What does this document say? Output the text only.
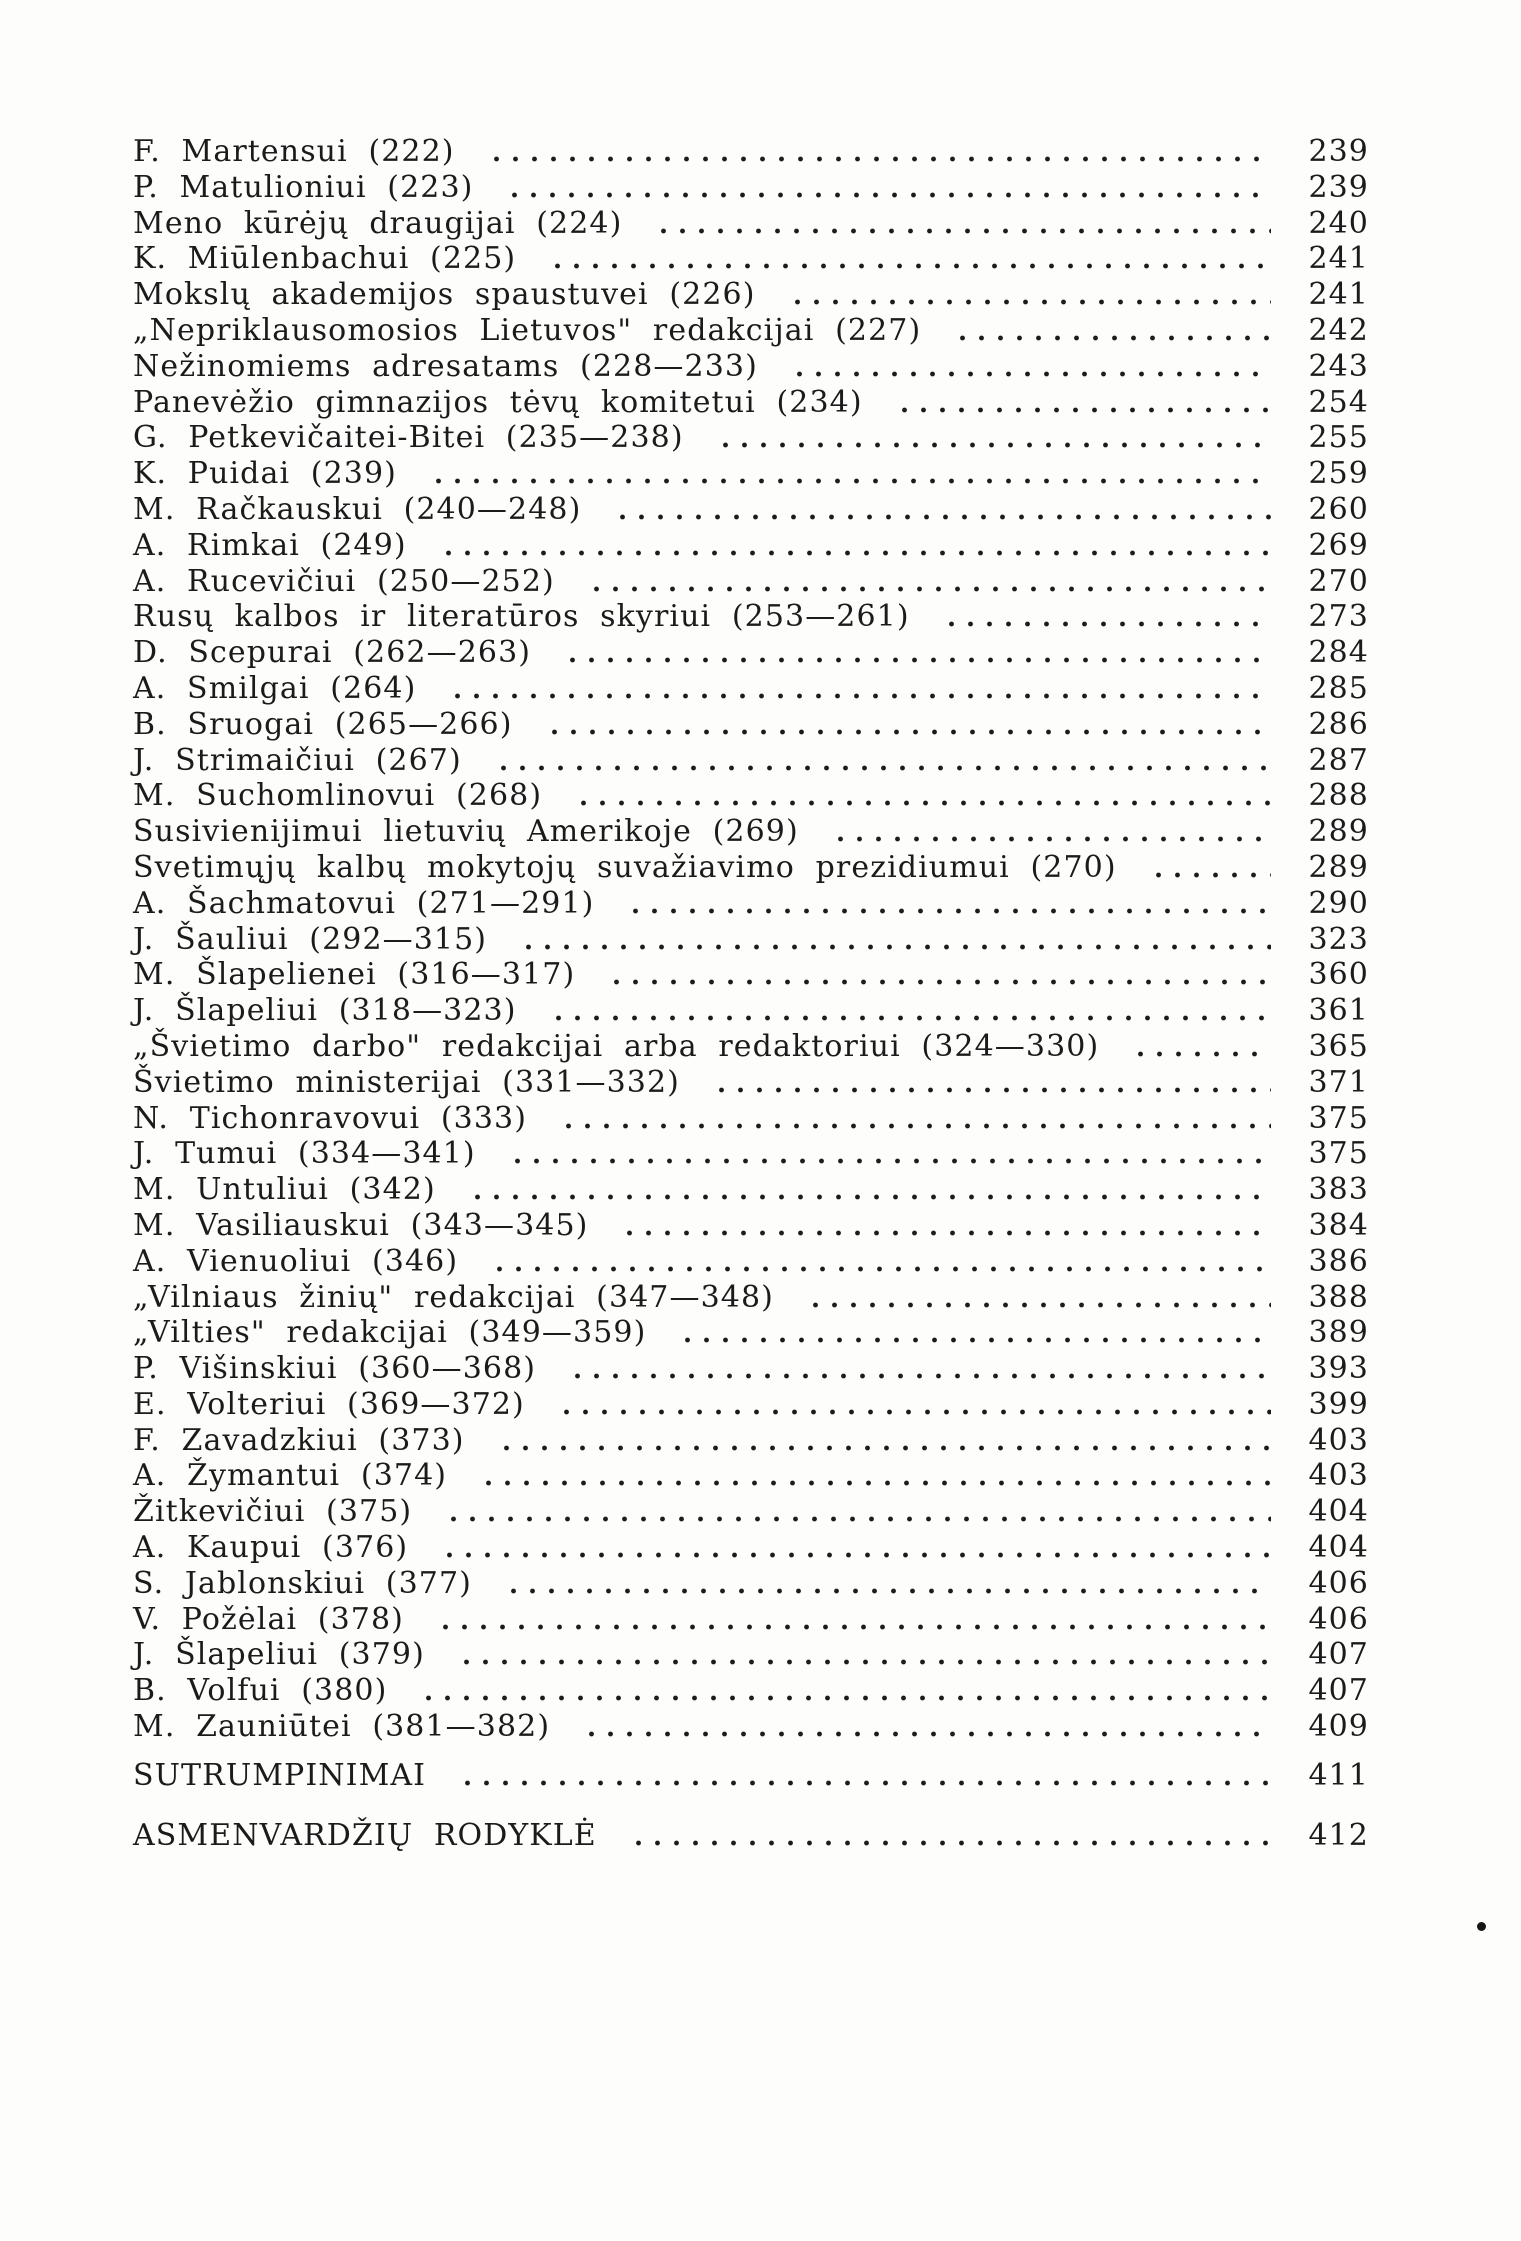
F. Martensui (222)	239
P. Matulioniui (223)	239
Meno kūrėjų draugijai (224)	240
K. Miūlenbachui (225)	241
Mokslų akademijos spaustuvei (226)	241
„Nepriklausomosios Lietuvos" redakcijai (227)	242
Nežinomiems adresatams (228—233)	243
Panevėžio gimnazijos tėvų komitetui (234)	254
G. Petkevičaitei-Bitei (235—238)	255
K. Puidai (239)	259
M. Račkauskui (240—248)	260
A. Rimkai (249)	269
A. Rucevičiui (250—252)	270
Rusų kalbos ir literatūros skyriui (253—261)	273
D. Scepurai (262—263)	284
A. Smilgai (264)	285
B. Sruogai (265—266)	286
J. Strimaičiui (267)	287
M. Suchomlinovui (268)	288
Susivienijimui lietuvių Amerikoje (269)	289
Svetimųjų kalbų mokytojų suvažiavimo prezidiumui (270)	289
A. Šachmatovui (271—291)	290
J. Šauliui (292—315)	323
M. Šlapelienei (316—317)	360
J. Šlapeliui (318—323)	361
„Švietimo darbo" redakcijai arba redaktoriui (324—330)	365
Švietimo ministerijai (331—332)	371
N. Tichonravovui (333)	375
J. Tumui (334—341)	375
M. Untuliui (342)	383
M. Vasiliauskui (343—345)	384
A. Vienuoliui (346)	386
„Vilniaus žinių" redakcijai (347—348)	388
„Vilties" redakcijai (349—359)	389
P. Višinskiui (360—368)	393
E. Volteriui (369—372)	399
F. Zavadzkiui (373)	403
A. Žymantui (374)	403
Žitkevičiui (375)	404
A. Kaupui (376)	404
S. Jablonskiui (377)	406
V. Požėlai (378)	406
J. Šlapeliui (379)	407
B. Volfui (380)	407
M. Zauniūtei (381—382)	409
SUTRUMPINIMAI	411
ASMENVARDŽIŲ RODYKLĖ	412
